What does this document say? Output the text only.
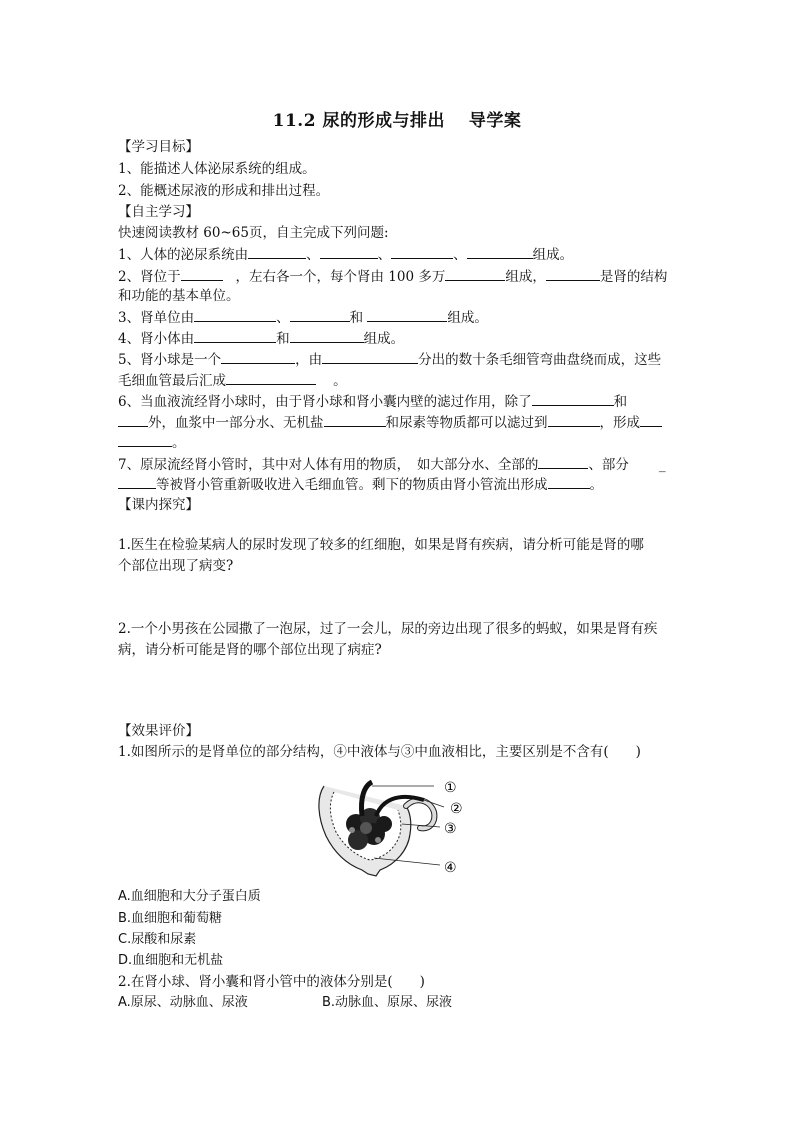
11.2 尿的形成与排出　 导学案
【学习目标】
1、能描述人体泌尿系统的组成。
2、能概述尿液的形成和排出过程。
【自主学习】
快速阅读教材 60~65页，自主完成下列问题:
1、人体的泌尿系统由	、	、	、	组成。
2、肾位于	，左右各一个，每个肾由 100 多万	组成，	是肾的结构
和功能的基本单位。
3、肾单位由	、	和	组成。
4、肾小体由	和	组成。
5、肾小球是一个	，由	分出的数十条毛细管弯曲盘绕而成，这些
毛细血管最后汇成	。
6、当血液流经肾小球时，由于肾小球和肾小囊内壁的滤过作用，除了	和
外，血浆中一部分水、无机盐	和尿素等物质都可以滤过到	，形成
。
7、原尿流经肾小管时，其中对人体有用的物质，　如大部分水、全部的	、部分 _
等被肾小管重新吸收进入毛细血管。剩下的物质由肾小管流出形成	。
【课内探究】
1.医生在检验某病人的尿时发现了较多的红细胞，如果是肾有疾病，请分析可能是肾的哪
个部位出现了病变?
2.一个小男孩在公园撒了一泡尿，过了一会儿，尿的旁边出现了很多的蚂蚁，如果是肾有疾
病，请分析可能是肾的哪个部位出现了病症?
【效果评价】
1.如图所示的是肾单位的部分结构，④中液体与③中血液相比，主要区别是不含有(　　)
①
②
③
④
A.血细胞和大分子蛋白质
B.血细胞和葡萄糖
C.尿酸和尿素
D.血细胞和无机盐
2.在肾小球、肾小囊和肾小管中的液体分别是(　　)
A.原尿、动脉血、尿液	B.动脉血、原尿、尿液
